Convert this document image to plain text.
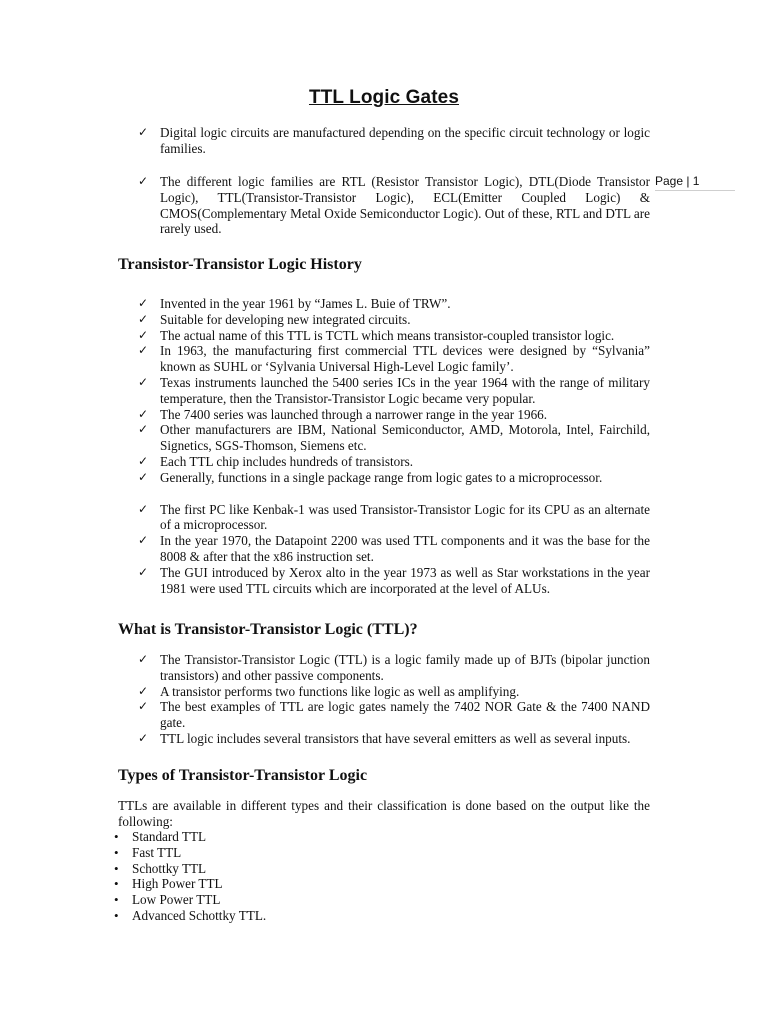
TTL Logic Gates
Page | 1
✓ Digital logic circuits are manufactured depending on the specific circuit technology or logic families.
✓ The different logic families are RTL (Resistor Transistor Logic), DTL(Diode Transistor Logic), TTL(Transistor-Transistor Logic), ECL(Emitter Coupled Logic) & CMOS(Complementary Metal Oxide Semiconductor Logic). Out of these, RTL and DTL are rarely used.
Transistor-Transistor Logic History
✓ Invented in the year 1961 by “James L. Buie of TRW”.
✓ Suitable for developing new integrated circuits.
✓ The actual name of this TTL is TCTL which means transistor-coupled transistor logic.
✓ In 1963, the manufacturing first commercial TTL devices were designed by “Sylvania” known as SUHL or ‘Sylvania Universal High-Level Logic family’.
✓ Texas instruments launched the 5400 series ICs in the year 1964 with the range of military temperature, then the Transistor-Transistor Logic became very popular.
✓ The 7400 series was launched through a narrower range in the year 1966.
✓ Other manufacturers are IBM, National Semiconductor, AMD, Motorola, Intel, Fairchild, Signetics, SGS-Thomson, Siemens etc.
✓ Each TTL chip includes hundreds of transistors.
✓ Generally, functions in a single package range from logic gates to a microprocessor.
✓ The first PC like Kenbak-1 was used Transistor-Transistor Logic for its CPU as an alternate of a microprocessor.
✓ In the year 1970, the Datapoint 2200 was used TTL components and it was the base for the 8008 & after that the x86 instruction set.
✓ The GUI introduced by Xerox alto in the year 1973 as well as Star workstations in the year 1981 were used TTL circuits which are incorporated at the level of ALUs.
What is Transistor-Transistor Logic (TTL)?
✓ The Transistor-Transistor Logic (TTL) is a logic family made up of BJTs (bipolar junction transistors) and other passive components.
✓ A transistor performs two functions like logic as well as amplifying.
✓ The best examples of TTL are logic gates namely the 7402 NOR Gate & the 7400 NAND gate.
✓ TTL logic includes several transistors that have several emitters as well as several inputs.
Types of Transistor-Transistor Logic
TTLs are available in different types and their classification is done based on the output like the following:
• Standard TTL
• Fast TTL
• Schottky TTL
• High Power TTL
• Low Power TTL
• Advanced Schottky TTL.
